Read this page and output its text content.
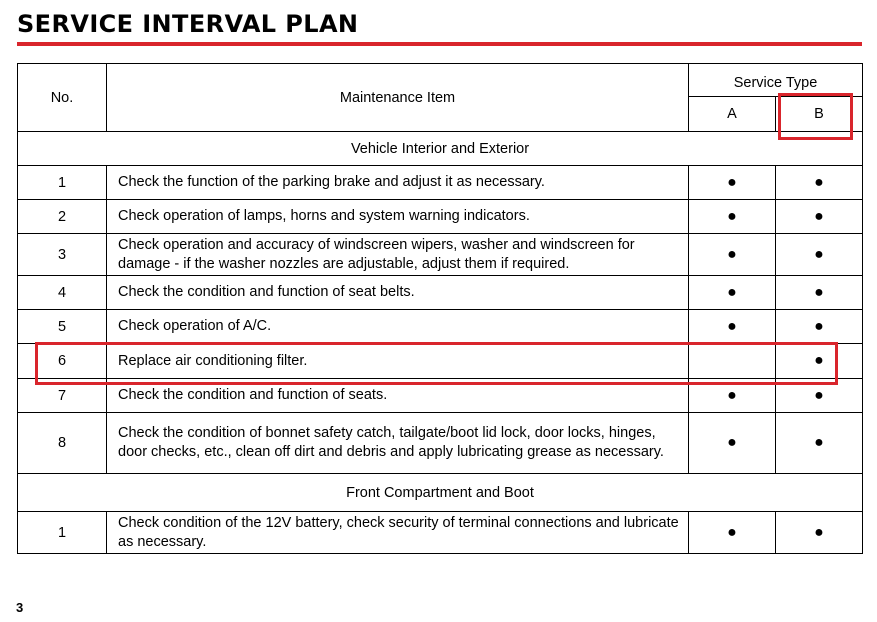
SERVICE INTERVAL PLAN
No.	Maintenance Item	Service Type	
		A	B
Vehicle Interior and Exterior			
1	Check the function of the parking brake and adjust it as necessary.	●	●
2	Check operation of lamps, horns and system warning indicators.	●	●
3	Check operation and accuracy of windscreen wipers, washer and windscreen for damage - if the washer nozzles are adjustable, adjust them if required.	●	●
4	Check the condition and function of seat belts.	●	●
5	Check operation of A/C.	●	●
6	Replace air conditioning filter.		●
7	Check the condition and function of seats.	●	●
8	Check the condition of bonnet safety catch, tailgate/boot lid lock, door locks, hinges, door checks, etc., clean off dirt and debris and apply lubricating grease as necessary.	●	●
Front Compartment and Boot			
1	Check condition of the 12V battery, check security of terminal connections and lubricate as necessary.	●	●
3
